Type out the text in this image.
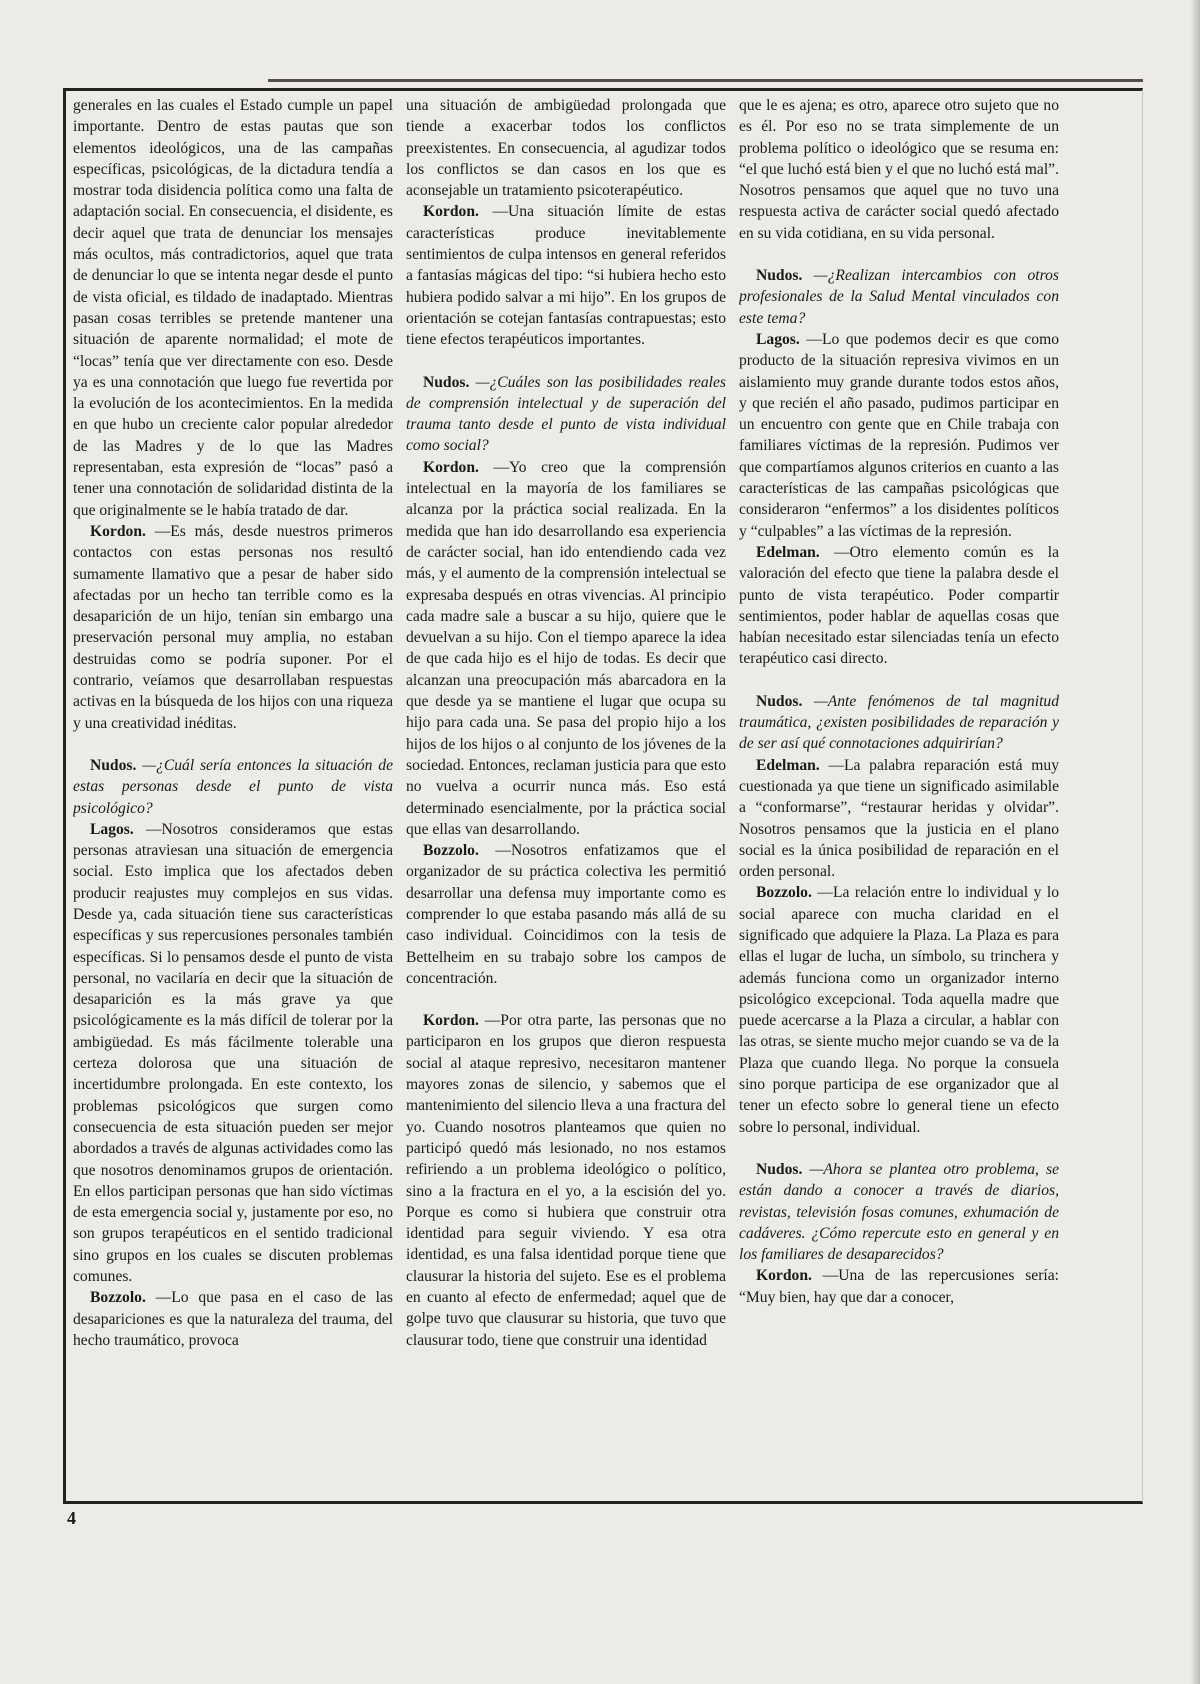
generales en las cuales el Estado cumple un papel importante. Dentro de estas pautas que son elementos ideológicos, una de las campañas específicas, psicológicas, de la dictadura tendía a mostrar toda disidencia política como una falta de adaptación social. En consecuencia, el disidente, es decir aquel que trata de denunciar los mensajes más ocultos, más contradictorios, aquel que trata de denunciar lo que se intenta negar desde el punto de vista oficial, es tildado de inadaptado. Mientras pasan cosas terribles se pretende mantener una situación de aparente normalidad; el mote de “locas” tenía que ver directamente con eso. Desde ya es una connotación que luego fue revertida por la evolución de los acontecimientos. En la medida en que hubo un creciente calor popular alrededor de las Madres y de lo que las Madres representaban, esta expresión de “locas” pasó a tener una connotación de solidaridad distinta de la que originalmente se le había tratado de dar.

Kordon. —Es más, desde nuestros primeros contactos con estas personas nos resultó sumamente llamativo que a pesar de haber sido afectadas por un hecho tan terrible como es la desaparición de un hijo, tenían sin embargo una preservación personal muy amplia, no estaban destruidas como se podría suponer. Por el contrario, veíamos que desarrollaban respuestas activas en la búsqueda de los hijos con una riqueza y una creatividad inéditas.

Nudos. —¿Cuál sería entonces la situación de estas personas desde el punto de vista psicológico?

Lagos. —Nosotros consideramos que estas personas atraviesan una situación de emergencia social. Esto implica que los afectados deben producir reajustes muy complejos en sus vidas. Desde ya, cada situación tiene sus características específicas y sus repercusiones personales también específicas. Si lo pensamos desde el punto de vista personal, no vacilaría en decir que la situación de desaparición es la más grave ya que psicológicamente es la más difícil de tolerar por la ambigüedad. Es más fácilmente tolerable una certeza dolorosa que una situación de incertidumbre prolongada. En este contexto, los problemas psicológicos que surgen como consecuencia de esta situación pueden ser mejor abordados a través de algunas actividades como las que nosotros denominamos grupos de orientación. En ellos participan personas que han sido víctimas de esta emergencia social y, justamente por eso, no son grupos terapéuticos en el sentido tradicional sino grupos en los cuales se discuten problemas comunes.

Bozzolo. —Lo que pasa en el caso de las desapariciones es que la naturaleza del trauma, del hecho traumático, provoca

una situación de ambigüedad prolongada que tiende a exacerbar todos los conflictos preexistentes. En consecuencia, al agudizar todos los conflictos se dan casos en los que es aconsejable un tratamiento psicoterapéutico.

Kordon. —Una situación límite de estas características produce inevitablemente sentimientos de culpa intensos en general referidos a fantasías mágicas del tipo: “si hubiera hecho esto hubiera podido salvar a mi hijo”. En los grupos de orientación se cotejan fantasías contrapuestas; esto tiene efectos terapéuticos importantes.

Nudos. —¿Cuáles son las posibilidades reales de comprensión intelectual y de superación del trauma tanto desde el punto de vista individual como social?

Kordon. —Yo creo que la comprensión intelectual en la mayoría de los familiares se alcanza por la práctica social realizada. En la medida que han ido desarrollando esa experiencia de carácter social, han ido entendiendo cada vez más, y el aumento de la comprensión intelectual se expresaba después en otras vivencias. Al principio cada madre sale a buscar a su hijo, quiere que le devuelvan a su hijo. Con el tiempo aparece la idea de que cada hijo es el hijo de todas. Es decir que alcanzan una preocupación más abarcadora en la que desde ya se mantiene el lugar que ocupa su hijo para cada una. Se pasa del propio hijo a los hijos de los hijos o al conjunto de los jóvenes de la sociedad. Entonces, reclaman justicia para que esto no vuelva a ocurrir nunca más. Eso está determinado esencialmente, por la práctica social que ellas van desarrollando.

Bozzolo. —Nosotros enfatizamos que el organizador de su práctica colectiva les permitió desarrollar una defensa muy importante como es comprender lo que estaba pasando más allá de su caso individual. Coincidimos con la tesis de Bettelheim en su trabajo sobre los campos de concentración.

Kordon. —Por otra parte, las personas que no participaron en los grupos que dieron respuesta social al ataque represivo, necesitaron mantener mayores zonas de silencio, y sabemos que el mantenimiento del silencio lleva a una fractura del yo. Cuando nosotros planteamos que quien no participó quedó más lesionado, no nos estamos refiriendo a un problema ideológico o político, sino a la fractura en el yo, a la escisión del yo. Porque es como si hubiera que construir otra identidad para seguir viviendo. Y esa otra identidad, es una falsa identidad porque tiene que clausurar la historia del sujeto. Ese es el problema en cuanto al efecto de enfermedad; aquel que de golpe tuvo que clausurar su historia, que tuvo que clausurar todo, tiene que construir una identidad

que le es ajena; es otro, aparece otro sujeto que no es él. Por eso no se trata simplemente de un problema político o ideológico que se resuma en: “el que luchó está bien y el que no luchó está mal”. Nosotros pensamos que aquel que no tuvo una respuesta activa de carácter social quedó afectado en su vida cotidiana, en su vida personal.

Nudos. —¿Realizan intercambios con otros profesionales de la Salud Mental vinculados con este tema?

Lagos. —Lo que podemos decir es que como producto de la situación represiva vivimos en un aislamiento muy grande durante todos estos años, y que recién el año pasado, pudimos participar en un encuentro con gente que en Chile trabaja con familiares víctimas de la represión. Pudimos ver que compartíamos algunos criterios en cuanto a las características de las campañas psicológicas que consideraron “enfermos” a los disidentes políticos y “culpables” a las víctimas de la represión.

Edelman. —Otro elemento común es la valoración del efecto que tiene la palabra desde el punto de vista terapéutico. Poder compartir sentimientos, poder hablar de aquellas cosas que habían necesitado estar silenciadas tenía un efecto terapéutico casi directo.

Nudos. —Ante fenómenos de tal magnitud traumática, ¿existen posibilidades de reparación y de ser así qué connotaciones adquirirían?

Edelman. —La palabra reparación está muy cuestionada ya que tiene un significado asimilable a “conformarse”, “restaurar heridas y olvidar”. Nosotros pensamos que la justicia en el plano social es la única posibilidad de reparación en el orden personal.

Bozzolo. —La relación entre lo individual y lo social aparece con mucha claridad en el significado que adquiere la Plaza. La Plaza es para ellas el lugar de lucha, un símbolo, su trinchera y además funciona como un organizador interno psicológico excepcional. Toda aquella madre que puede acercarse a la Plaza a circular, a hablar con las otras, se siente mucho mejor cuando se va de la Plaza que cuando llega. No porque la consuela sino porque participa de ese organizador que al tener un efecto sobre lo general tiene un efecto sobre lo personal, individual.

Nudos. —Ahora se plantea otro problema, se están dando a conocer a través de diarios, revistas, televisión fosas comunes, exhumación de cadáveres. ¿Cómo repercute esto en general y en los familiares de desaparecidos?

Kordon. —Una de las repercusiones sería: “Muy bien, hay que dar a conocer,

4
